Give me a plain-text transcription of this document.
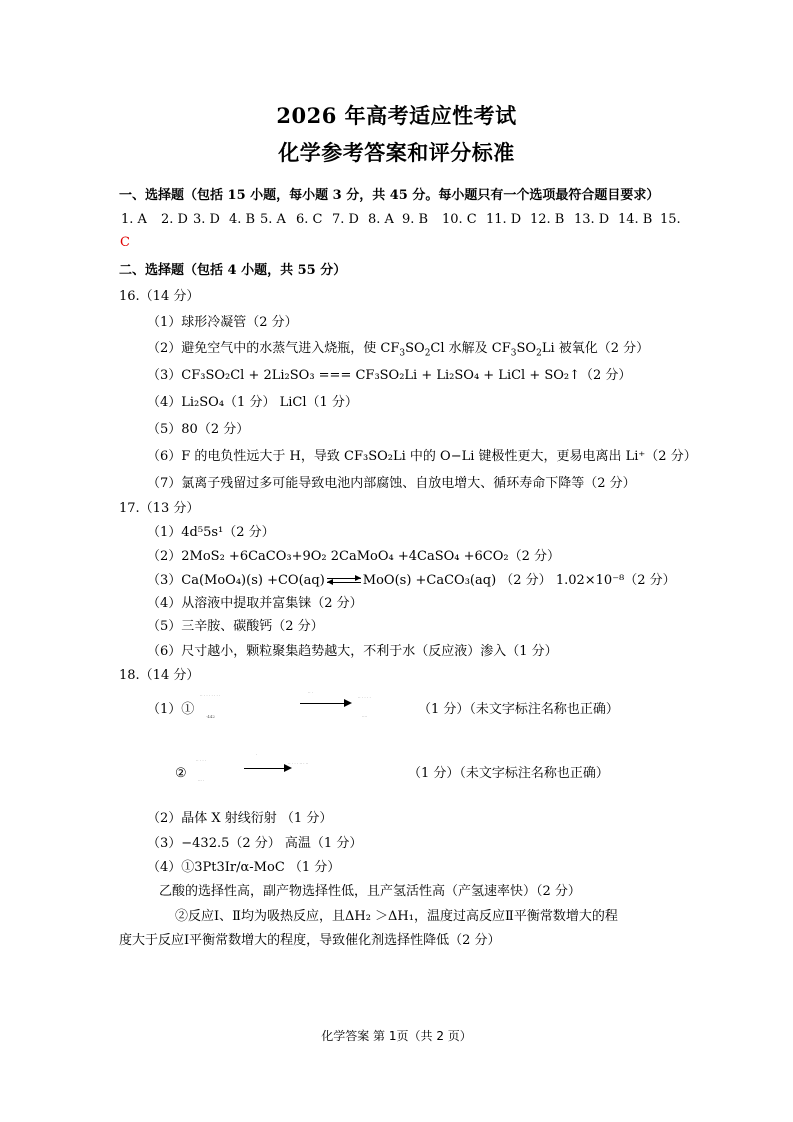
2026 年高考适应性考试
化学参考答案和评分标准
一、选择题（包括 15 小题，每小题 3 分，共 45 分。每小题只有一个选项最符合题目要求）
1. A 2. D 3. D 4. B 5. A 6. C 7. D 8. A 9. B 10. C 11. D 12. B 13. D 14. B 15.
C
二、选择题（包括 4 小题，共 55 分）
16.（14 分）
（1）球形冷凝管（2 分）
（2）避免空气中的水蒸气进入烧瓶，使 $CF_3SO_2Cl$ 水解及 $CF_3SO_2Li$ 被氧化（2 分）
（3）CF₃SO₂Cl + 2Li₂SO₃ === CF₃SO₂Li + Li₂SO₄ + LiCl + SO₂↑（2 分）
（4）Li₂SO₄（1 分） LiCl（1 分）
（5）80（2 分）
（6）F 的电负性远大于 H，导致 CF₃SO₂Li 中的 O−Li 键极性更大，更易电离出 Li⁺（2 分）
（7）氯离子残留过多可能导致电池内部腐蚀、自放电增大、循环寿命下降等（2 分）
17.（13 分）
（1）4d⁵5s¹（2 分）
（2）2MoS₂ +6CaCO₃+9O₂ 2CaMoO₄ +4CaSO₄ +6CO₂（2 分）
（3）Ca(MoO₄)(s) +CO(aq) ⇌ MoO(s) +CaCO₃(aq) （2 分） 1.02×10⁻⁸（2 分）
（4）从溶液中提取并富集铼（2 分）
（5）三辛胺、碳酸钙（2 分）
（6）尺寸越小，颗粒聚集趋势越大，不利于水（反应液）渗入（1 分）
18.（14 分）
（1）①
·· · · · · · · ·
·442
·· ·
·· · · · ·
····	（1 分）（未文字标注名称也正确）
②
·· · · ·
··· ·
·
·· · · · ·· · ··
（1 分）（未文字标注名称也正确）
（2）晶体 X 射线衍射 （1 分）
（3）−432.5（2 分） 高温（1 分）
（4）①3Pt3Ir/α-MoC （1 分）
乙酸的选择性高，副产物选择性低，且产氢活性高（产氢速率快）（2 分）
②反应Ⅰ、Ⅱ均为吸热反应，且ΔH₂ ＞ΔH₁，温度过高反应Ⅱ平衡常数增大的程
度大于反应Ⅰ平衡常数增大的程度，导致催化剂选择性降低（2 分）
化学答案 第 1页（共 2 页）
